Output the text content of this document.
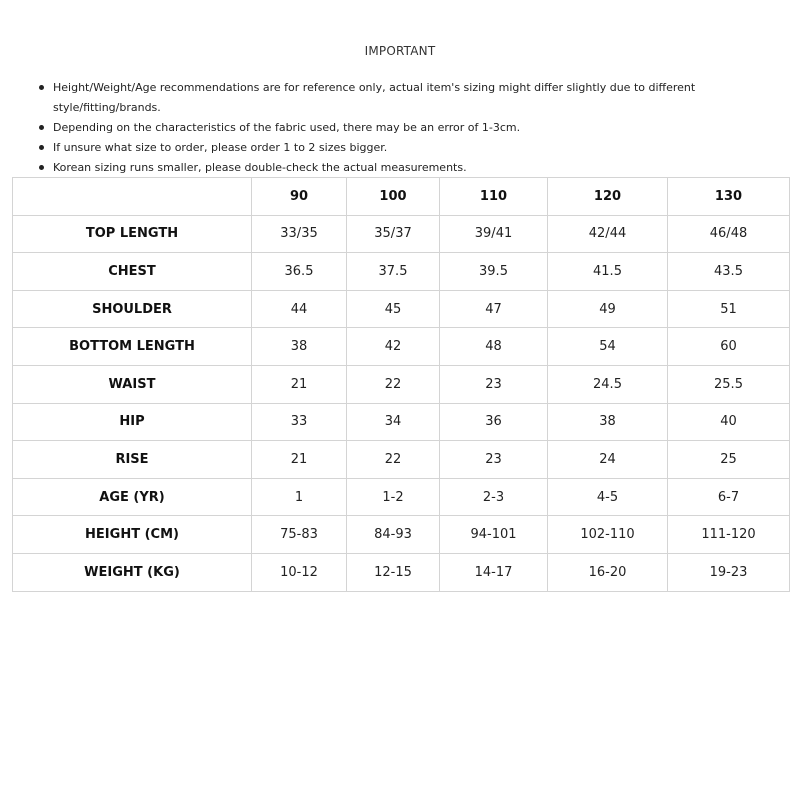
IMPORTANT
Height/Weight/Age recommendations are for reference only, actual item's sizing might differ slightly due to different style/fitting/brands.
Depending on the characteristics of the fabric used, there may be an error of 1-3cm.
If unsure what size to order, please order 1 to 2 sizes bigger.
Korean sizing runs smaller, please double-check the actual measurements.
	90	100	110	120	130
TOP LENGTH	33/35	35/37	39/41	42/44	46/48
CHEST	36.5	37.5	39.5	41.5	43.5
SHOULDER	44	45	47	49	51
BOTTOM LENGTH	38	42	48	54	60
WAIST	21	22	23	24.5	25.5
HIP	33	34	36	38	40
RISE	21	22	23	24	25
AGE (YR)	1	1-2	2-3	4-5	6-7
HEIGHT (CM)	75-83	84-93	94-101	102-110	111-120
WEIGHT (KG)	10-12	12-15	14-17	16-20	19-23
